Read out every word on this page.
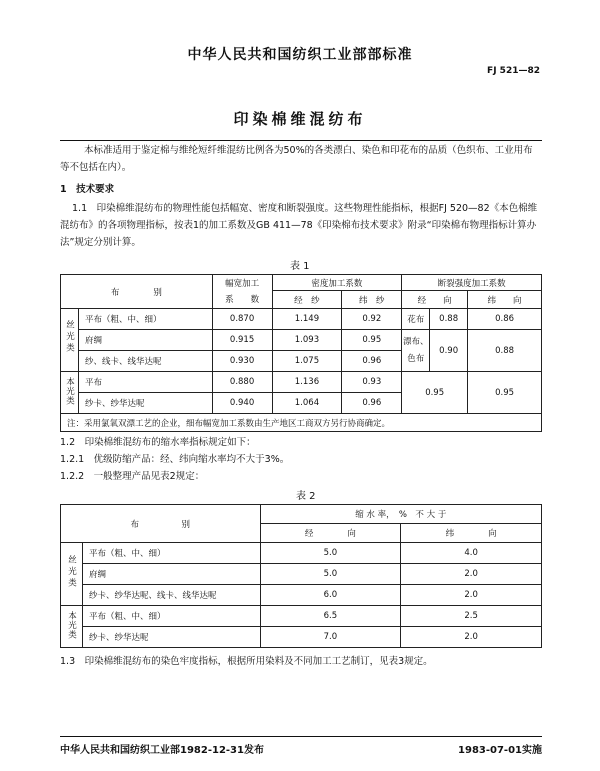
中华人民共和国纺织工业部部标准
FJ 521—82
印染棉维混纺布
本标准适用于鉴定棉与维纶短纤维混纺比例各为50%的各类漂白、染色和印花布的品质（色织布、工业用布等不包括在内）。
1　技术要求
1.1　印染棉维混纺布的物理性能包括幅宽、密度和断裂强度。这些物理性能指标，根据FJ 520—82《本色棉维混纺布》的各项物理指标，按表1的加工系数及GB 411—78《印染棉布技术要求》附录“印染棉布物理指标计算办法”规定分别计算。
表 1
布　　　　别		幅宽加工	密度加工系数		断裂强度加工系数		
		系　　数	经　纱	纬　纱	经　　向		纬　　向
丝光类	平布（粗、中、细）	0.870	1.149	0.92	花布	0.88	0.86
	府绸	0.915	1.093	0.95	漂布、色布	0.90	0.88
	纱、线卡、线华达呢	0.930	1.075	0.96			
本光类	平布	0.880	1.136	0.93	0.95		0.95
	纱卡、纱华达呢	0.940	1.064	0.96			
注：采用氯氧双漂工艺的企业，细布幅宽加工系数由生产地区工商双方另行协商确定。							
1.2　印染棉维混纺布的缩水率指标规定如下：
1.2.1　优级防缩产品：经、纬向缩水率均不大于3%。
1.2.2　一般整理产品见表2规定：
表 2
布　　　　　别		缩 水 率，　%　不 大 于	
		经　　　　向	纬　　　　向
丝光类	平布（粗、中、细）	5.0	4.0
	府绸	5.0	2.0
	纱卡、纱华达呢、线卡、线华达呢	6.0	2.0
本光类	平布（粗、中、细）	6.5	2.5
	纱卡、纱华达呢	7.0	2.0
1.3　印染棉维混纺布的染色牢度指标，根据所用染料及不同加工工艺制订，见表3规定。
中华人民共和国纺织工业部1982-12-31发布	1983-07-01实施
